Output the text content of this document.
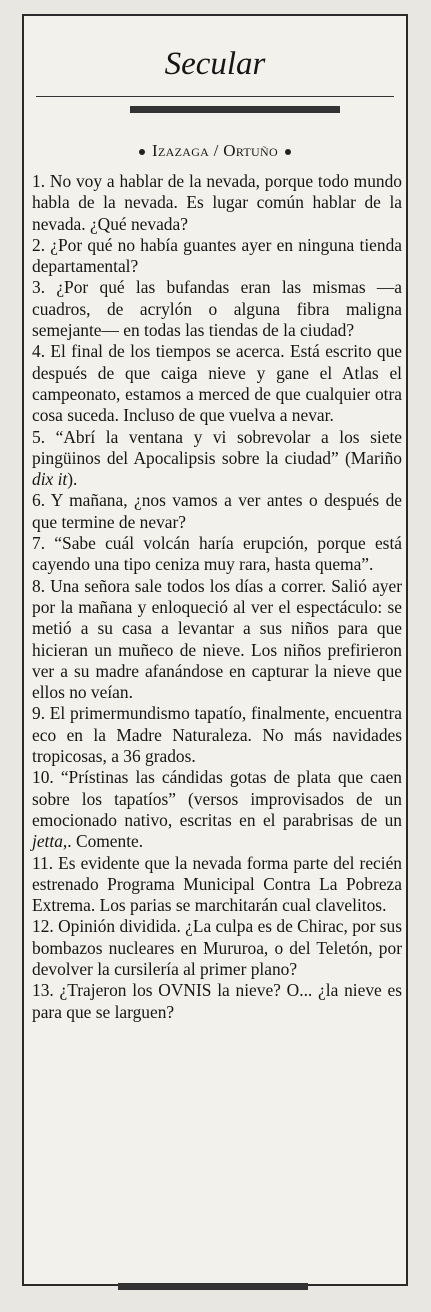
Secular
Izazaga / Ortuño
1. No voy a hablar de la nevada, porque todo mundo habla de la nevada. Es lugar común hablar de la nevada. ¿Qué nevada?
2. ¿Por qué no había guantes ayer en ninguna tienda departamental?
3. ¿Por qué las bufandas eran las mismas —a cuadros, de acrylón o alguna fibra maligna semejante— en todas las tiendas de la ciudad?
4. El final de los tiempos se acerca. Está escrito que después de que caiga nieve y gane el Atlas el campeonato, estamos a merced de que cualquier otra cosa suceda. Incluso de que vuelva a nevar.
5. “Abrí la ventana y vi sobrevolar a los siete pingüinos del Apocalipsis sobre la ciudad” (Mariño dix it).
6. Y mañana, ¿nos vamos a ver antes o después de que termine de nevar?
7. “Sabe cuál volcán haría erupción, porque está cayendo una tipo ceniza muy rara, hasta quema”.
8. Una señora sale todos los días a correr. Salió ayer por la mañana y enloqueció al ver el espectáculo: se metió a su casa a levantar a sus niños para que hicieran un muñeco de nieve. Los niños prefirieron ver a su madre afanándose en capturar la nieve que ellos no veían.
9. El primermundismo tapatío, finalmente, encuentra eco en la Madre Naturaleza. No más navidades tropicosas, a 36 grados.
10. “Prístinas las cándidas gotas de plata que caen sobre los tapatíos” (versos improvisados de un emocionado nativo, escritas en el parabrisas de un jetta,. Comente.
11. Es evidente que la nevada forma parte del recién estrenado Programa Municipal Contra La Pobreza Extrema. Los parias se marchitarán cual clavelitos.
12. Opinión dividida. ¿La culpa es de Chirac, por sus bombazos nucleares en Mururoa, o del Teletón, por devolver la cursilería al primer plano?
13. ¿Trajeron los OVNIS la nieve? O... ¿la nieve es para que se larguen?
